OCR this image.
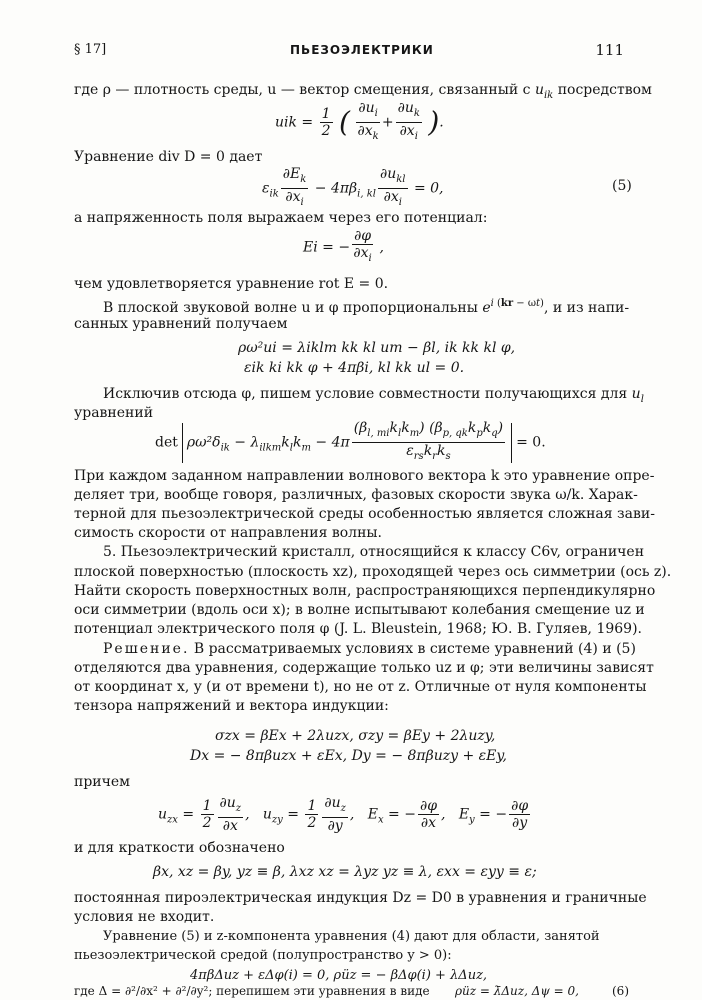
§ 17]	ПЬЕЗОЭЛЕКТРИКИ	111
где ρ — плотность среды, u — вектор смещения, связанный с $u_{ik}$ посредством
uik = $\frac{1}{2}$ ( $\frac{\partial u_i}{\partial x_k} + \frac{\partial u_k}{\partial x_i}$ ).
Уравнение div D = 0 дает
$\varepsilon_{ik} \frac{\partial E_k}{\partial x_i} - 4\pi\beta_{i, kl} \frac{\partial u_{kl}}{\partial x_i} = 0$,	(5)
а напряженность поля выражаем через его потенциал:
Ei = − $\frac{\partial\varphi}{\partial x_i}$ ,
чем удовлетворяется уравнение rot E = 0.
В плоской звуковой волне u и φ пропорциональны $e^{i (kr - \omega t)}$, и из напи-
санных уравнений получаем
ρω²ui = λiklm kk kl um − βl, ik kk kl φ,
εik ki kk φ + 4πβi, kl kk ul = 0.
Исключив отсюда φ, пишем условие совместности получающихся для $u_l$
уравнений
$\det \rho\omega^2\delta_{ik} - \lambda_{ilkm}k_lk_m - 4\pi \frac{(\beta_{l, mi}k_lk_m) (\beta_{p, qk}k_pk_q)}{\varepsilon_{rs}k_rk_s} = 0$.
При каждом заданном направлении волнового вектора k это уравнение опре-
деляет три, вообще говоря, различных, фазовых скорости звука ω/k. Харак-
терной для пьезоэлектрической среды особенностью является сложная зави-
симость скорости от направления волны.
5. Пьезоэлектрический кристалл, относящийся к классу C6v, ограничен
плоской поверхностью (плоскость xz), проходящей через ось симметрии (ось z).
Найти скорость поверхностных волн, распространяющихся перпендикулярно
оси симметрии (вдоль оси x); в волне испытывают колебания смещение uz и
потенциал электрического поля φ (J. L. Bleustein, 1968; Ю. В. Гуляев, 1969).
Решение. В рассматриваемых условиях в системе уравнений (4) и (5)
отделяются два уравнения, содержащие только uz и φ; эти величины зависят
от координат x, y (и от времени t), но не от z. Отличные от нуля компоненты
тензора напряжений и вектора индукции:
σzx = βEx + 2λuzx, σzy = βEy + 2λuzy,
Dx = − 8πβuzx + εEx, Dy = − 8πβuzy + εEy,
причем
$u_{zx} = \frac{1}{2} \frac{\partial u_z}{\partial x}$ ,   $u_{zy} = \frac{1}{2} \frac{\partial u_z}{\partial y}$ ,   $E_x$ = − $\frac{\partial\varphi}{\partial x}$ ,   $E_y$ = − $\frac{\partial\varphi}{\partial y}$
и для краткости обозначено
βx, xz = βy, yz ≡ β, λxz xz = λyz yz ≡ λ, εxx = εyy ≡ ε;
постоянная пироэлектрическая индукция Dz = D0 в уравнения и граничные
условия не входит.
Уравнение (5) и z-компонента уравнения (4) дают для области, занятой
пьезоэлектрической средой (полупространство y > 0):
4πβΔuz + εΔφ(i) = 0, ρüz = − βΔφ(i) + λΔuz,
где Δ = ∂²/∂x² + ∂²/∂y²; перепишем эти уравнения в виде ρüz = λ̄Δuz, Δψ = 0,	(6)
